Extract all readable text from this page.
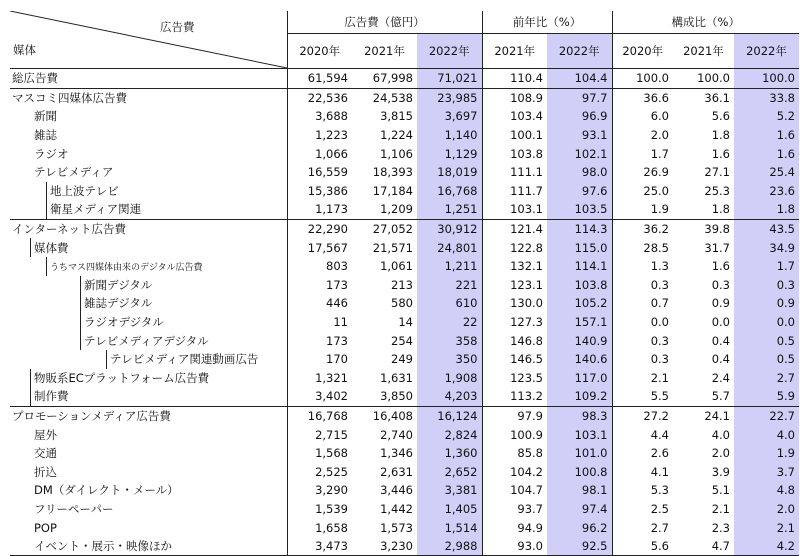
広告費
媒体	広告費（億円）			前年比（%）		構成比（%）		
	2020年	2021年	2022年	2021年	2022年	2020年	2021年	2022年
総広告費	61,594	67,998	71,021	110.4	104.4	100.0	100.0	100.0
マスコミ四媒体広告費	22,536	24,538	23,985	108.9	97.7	36.6	36.1	33.8
新聞	3,688	3,815	3,697	103.4	96.9	6.0	5.6	5.2
雑誌	1,223	1,224	1,140	100.1	93.1	2.0	1.8	1.6
ラジオ	1,066	1,106	1,129	103.8	102.1	1.7	1.6	1.6
テレビメディア	16,559	18,393	18,019	111.1	98.0	26.9	27.1	25.4
地上波テレビ	15,386	17,184	16,768	111.7	97.6	25.0	25.3	23.6
衛星メディア関連	1,173	1,209	1,251	103.1	103.5	1.9	1.8	1.8
インターネット広告費	22,290	27,052	30,912	121.4	114.3	36.2	39.8	43.5
媒体費	17,567	21,571	24,801	122.8	115.0	28.5	31.7	34.9
うちマス四媒体由来のデジタル広告費	803	1,061	1,211	132.1	114.1	1.3	1.6	1.7
新聞デジタル	173	213	221	123.1	103.8	0.3	0.3	0.3
雑誌デジタル	446	580	610	130.0	105.2	0.7	0.9	0.9
ラジオデジタル	11	14	22	127.3	157.1	0.0	0.0	0.0
テレビメディアデジタル	173	254	358	146.8	140.9	0.3	0.4	0.5
テレビメディア関連動画広告	170	249	350	146.5	140.6	0.3	0.4	0.5
物販系ECプラットフォーム広告費	1,321	1,631	1,908	123.5	117.0	2.1	2.4	2.7
制作費	3,402	3,850	4,203	113.2	109.2	5.5	5.7	5.9
プロモーションメディア広告費	16,768	16,408	16,124	97.9	98.3	27.2	24.1	22.7
屋外	2,715	2,740	2,824	100.9	103.1	4.4	4.0	4.0
交通	1,568	1,346	1,360	85.8	101.0	2.6	2.0	1.9
折込	2,525	2,631	2,652	104.2	100.8	4.1	3.9	3.7
DM（ダイレクト・メール）	3,290	3,446	3,381	104.7	98.1	5.3	5.1	4.8
フリーペーパー	1,539	1,442	1,405	93.7	97.4	2.5	2.1	2.0
POP	1,658	1,573	1,514	94.9	96.2	2.7	2.3	2.1
イベント・展示・映像ほか	3,473	3,230	2,988	93.0	92.5	5.6	4.7	4.2
